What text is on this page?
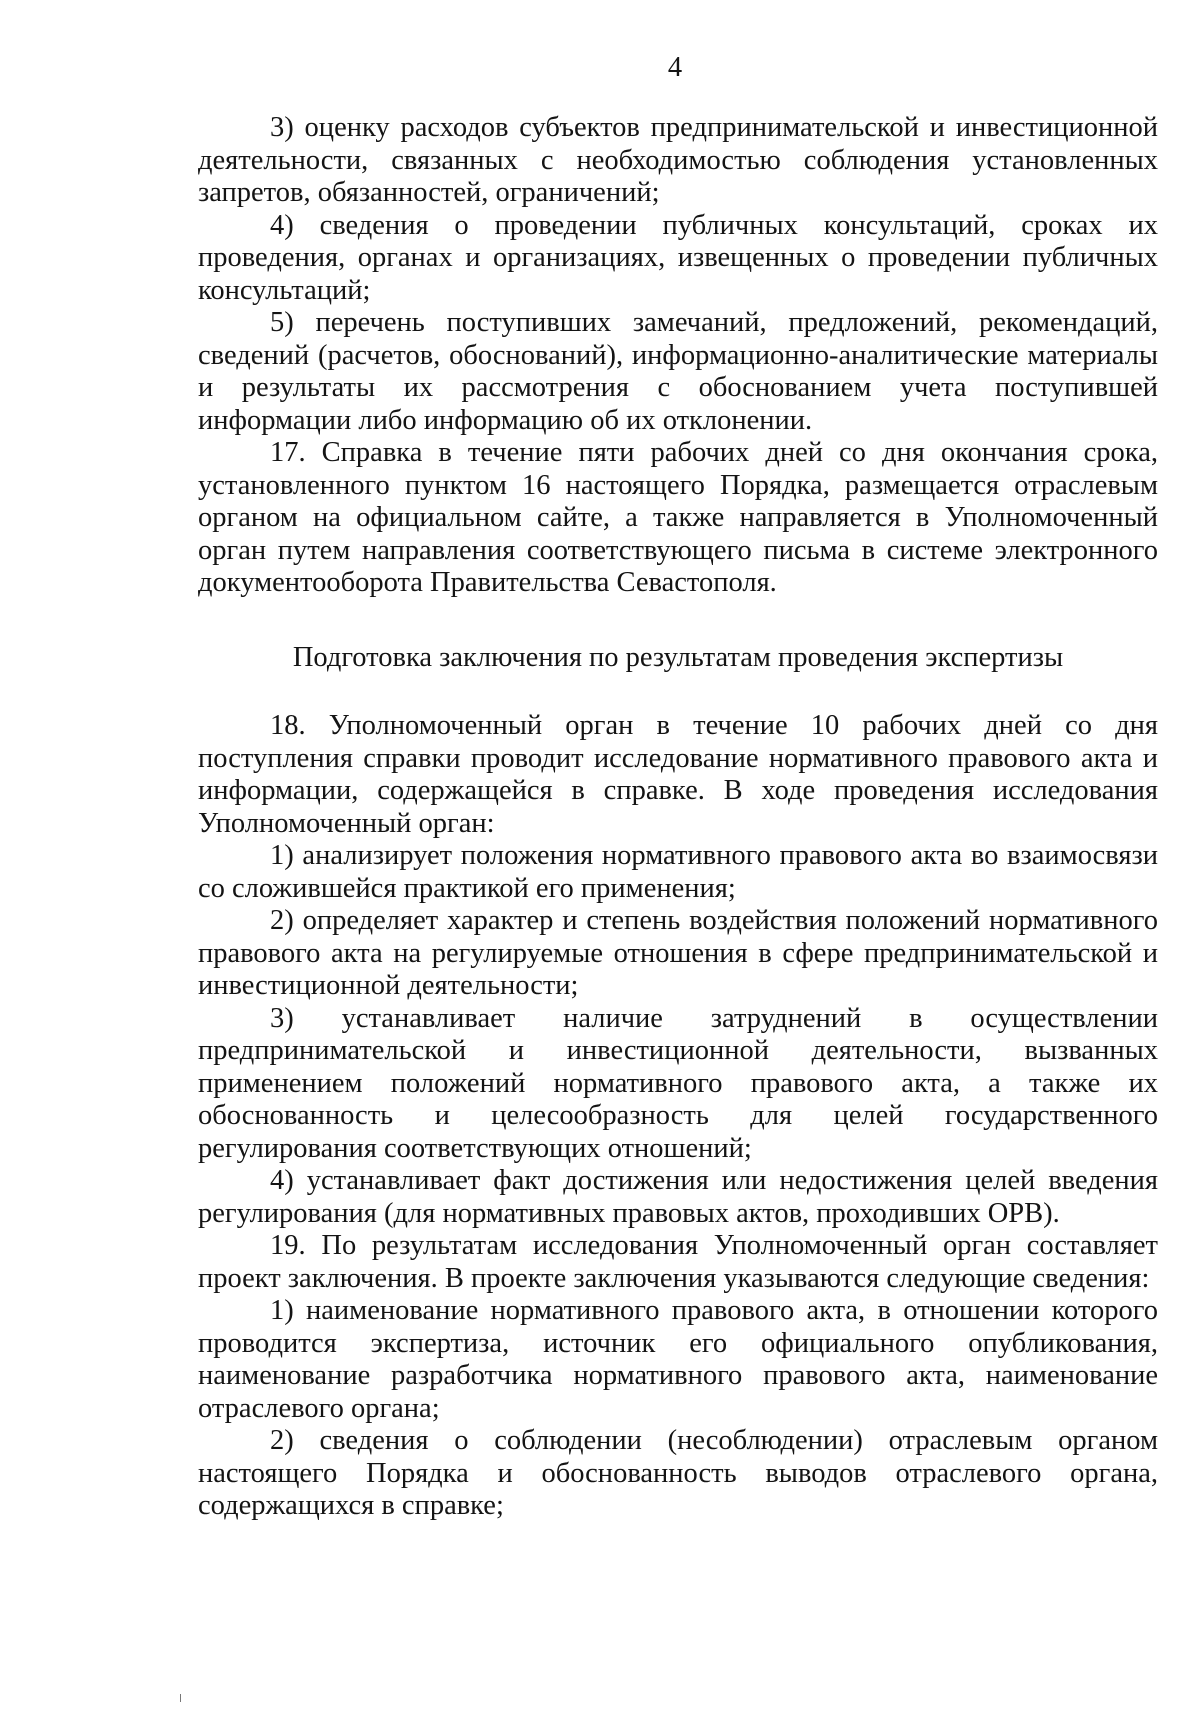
4

3) оценку расходов субъектов предпринимательской и инвестиционной деятельности, связанных с необходимостью соблюдения установленных запретов, обязанностей, ограничений;

4) сведения о проведении публичных консультаций, сроках их проведения, органах и организациях, извещенных о проведении публичных консультаций;

5) перечень поступивших замечаний, предложений, рекомендаций, сведений (расчетов, обоснований), информационно-аналитические материалы и результаты их рассмотрения с обоснованием учета поступившей информации либо информацию об их отклонении.

17. Справка в течение пяти рабочих дней со дня окончания срока, установленного пунктом 16 настоящего Порядка, размещается отраслевым органом на официальном сайте, а также направляется в Уполномоченный орган путем направления соответствующего письма в системе электронного документооборота Правительства Севастополя.

Подготовка заключения по результатам проведения экспертизы

18. Уполномоченный орган в течение 10 рабочих дней со дня поступления справки проводит исследование нормативного правового акта и информации, содержащейся в справке. В ходе проведения исследования Уполномоченный орган:

1) анализирует положения нормативного правового акта во взаимосвязи со сложившейся практикой его применения;

2) определяет характер и степень воздействия положений нормативного правового акта на регулируемые отношения в сфере предпринимательской и инвестиционной деятельности;

3) устанавливает наличие затруднений в осуществлении предпринимательской и инвестиционной деятельности, вызванных применением положений нормативного правового акта, а также их обоснованность и целесообразность для целей государственного регулирования соответствующих отношений;

4) устанавливает факт достижения или недостижения целей введения регулирования (для нормативных правовых актов, проходивших ОРВ).

19. По результатам исследования Уполномоченный орган составляет проект заключения. В проекте заключения указываются следующие сведения:

1) наименование нормативного правового акта, в отношении которого проводится экспертиза, источник его официального опубликования, наименование разработчика нормативного правового акта, наименование отраслевого органа;

2) сведения о соблюдении (несоблюдении) отраслевым органом настоящего Порядка и обоснованность выводов отраслевого органа, содержащихся в справке;
